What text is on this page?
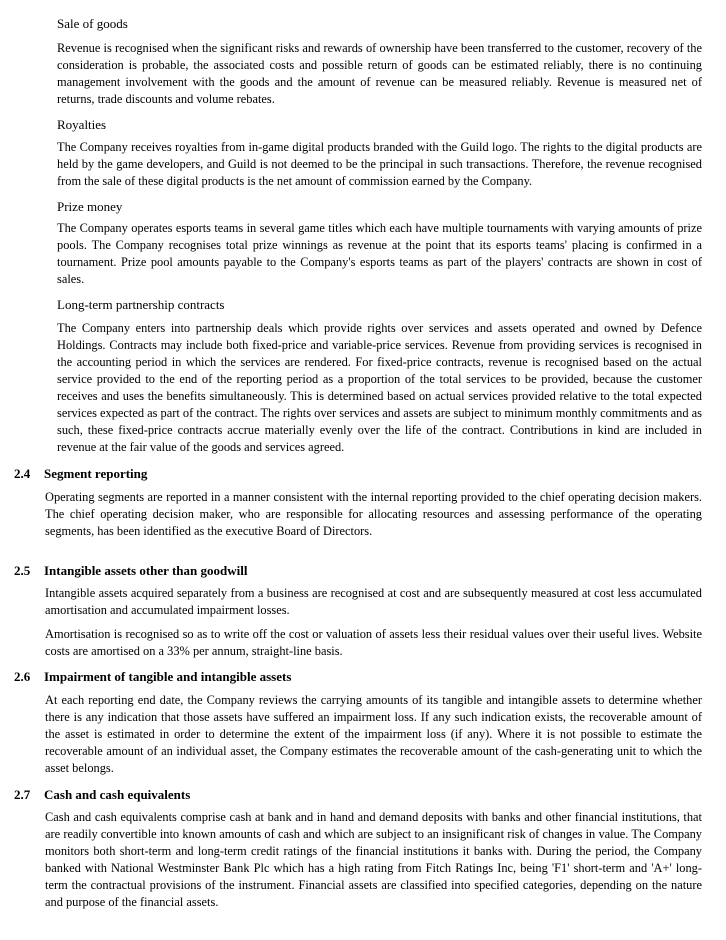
Sale of goods

Revenue is recognised when the significant risks and rewards of ownership have been transferred to the customer, recovery of the consideration is probable, the associated costs and possible return of goods can be estimated reliably, there is no continuing management involvement with the goods and the amount of revenue can be measured reliably. Revenue is measured net of returns, trade discounts and volume rebates.

Royalties

The Company receives royalties from in-game digital products branded with the Guild logo. The rights to the digital products are held by the game developers, and Guild is not deemed to be the principal in such transactions. Therefore, the revenue recognised from the sale of these digital products is the net amount of commission earned by the Company.

Prize money

The Company operates esports teams in several game titles which each have multiple tournaments with varying amounts of prize pools. The Company recognises total prize winnings as revenue at the point that its esports teams' placing is confirmed in a tournament. Prize pool amounts payable to the Company's esports teams as part of the players' contracts are shown in cost of sales.

Long-term partnership contracts

The Company enters into partnership deals which provide rights over services and assets operated and owned by Defence Holdings. Contracts may include both fixed-price and variable-price services. Revenue from providing services is recognised in the accounting period in which the services are rendered. For fixed-price contracts, revenue is recognised based on the actual service provided to the end of the reporting period as a proportion of the total services to be provided, because the customer receives and uses the benefits simultaneously. This is determined based on actual services provided relative to the total expected services expected as part of the contract. The rights over services and assets are subject to minimum monthly commitments and as such, these fixed-price contracts accrue materially evenly over the life of the contract. Contributions in kind are included in revenue at the fair value of the goods and services agreed.

2.4 Segment reporting

Operating segments are reported in a manner consistent with the internal reporting provided to the chief operating decision makers. The chief operating decision maker, who are responsible for allocating resources and assessing performance of the operating segments, has been identified as the executive Board of Directors.

2.5 Intangible assets other than goodwill

Intangible assets acquired separately from a business are recognised at cost and are subsequently measured at cost less accumulated amortisation and accumulated impairment losses.

Amortisation is recognised so as to write off the cost or valuation of assets less their residual values over their useful lives. Website costs are amortised on a 33% per annum, straight-line basis.

2.6 Impairment of tangible and intangible assets

At each reporting end date, the Company reviews the carrying amounts of its tangible and intangible assets to determine whether there is any indication that those assets have suffered an impairment loss. If any such indication exists, the recoverable amount of the asset is estimated in order to determine the extent of the impairment loss (if any). Where it is not possible to estimate the recoverable amount of an individual asset, the Company estimates the recoverable amount of the cash-generating unit to which the asset belongs.

2.7 Cash and cash equivalents

Cash and cash equivalents comprise cash at bank and in hand and demand deposits with banks and other financial institutions, that are readily convertible into known amounts of cash and which are subject to an insignificant risk of changes in value. The Company monitors both short-term and long-term credit ratings of the financial institutions it banks with. During the period, the Company banked with National Westminster Bank Plc which has a high rating from Fitch Ratings Inc, being 'F1' short-term and 'A+' long-term the contractual provisions of the instrument. Financial assets are classified into specified categories, depending on the nature and purpose of the financial assets.
